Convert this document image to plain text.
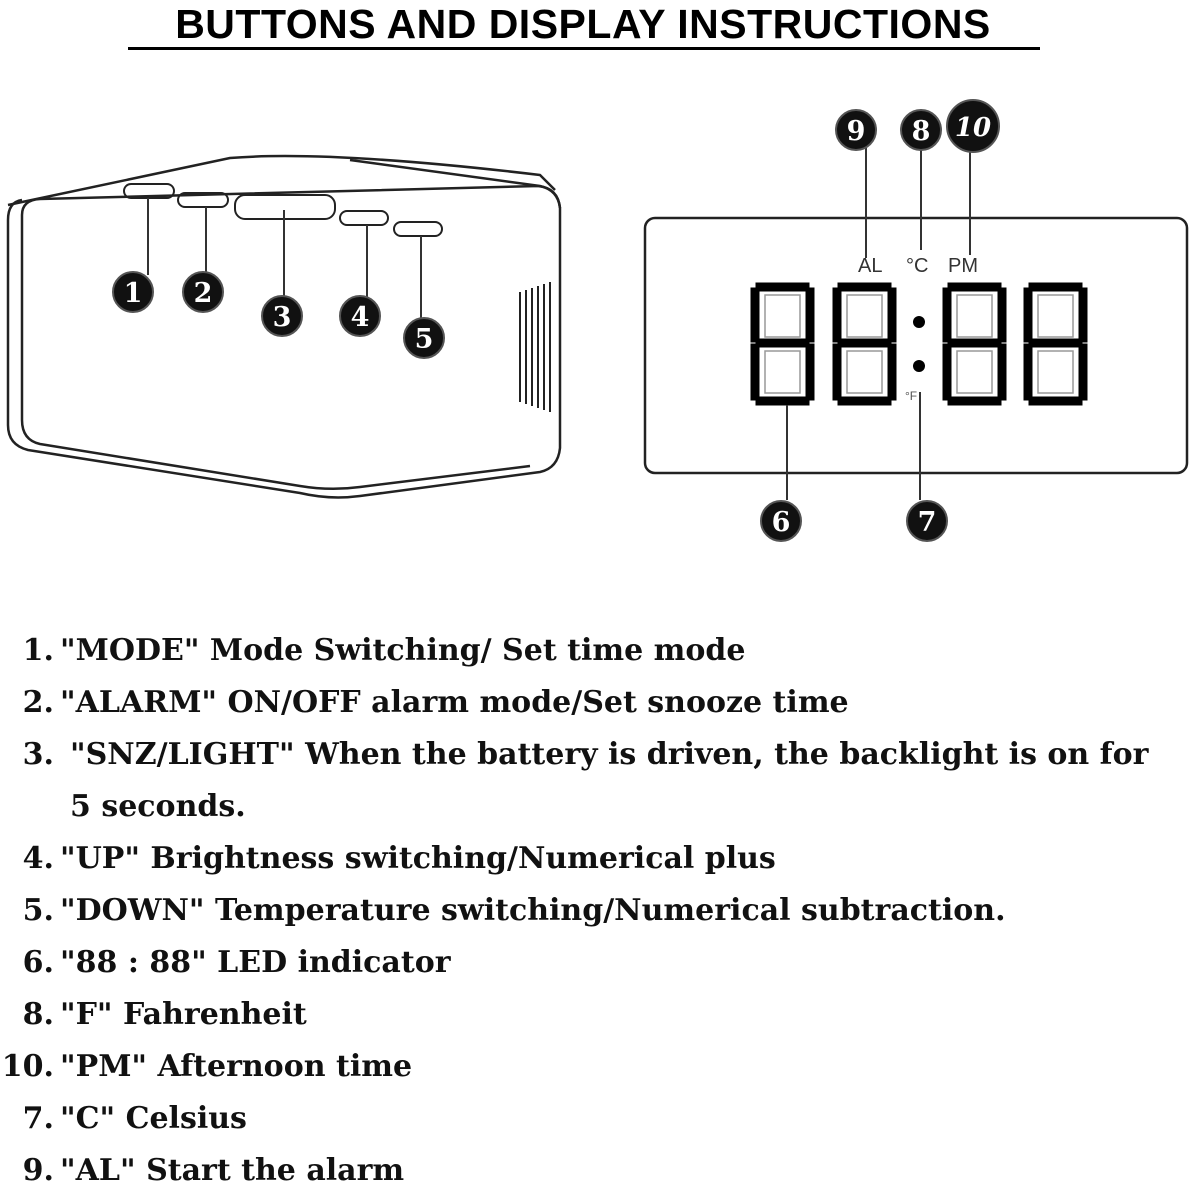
BUTTONS AND DISPLAY INSTRUCTIONS
1 2
3 4
5
AL °C PM
°F
9 8 10
6	7
1. "MODE" Mode Switching/ Set time mode
2. "ALARM" ON/OFF alarm mode/Set snooze time
3. "SNZ/LIGHT" When the battery is driven, the backlight is on for 5 seconds.
4. "UP" Brightness switching/Numerical plus
5. "DOWN" Temperature switching/Numerical subtraction.
6. "88 : 88" LED indicator
8. "F" Fahrenheit
10. "PM" Afternoon time
7. "C" Celsius
9. "AL" Start the alarm
